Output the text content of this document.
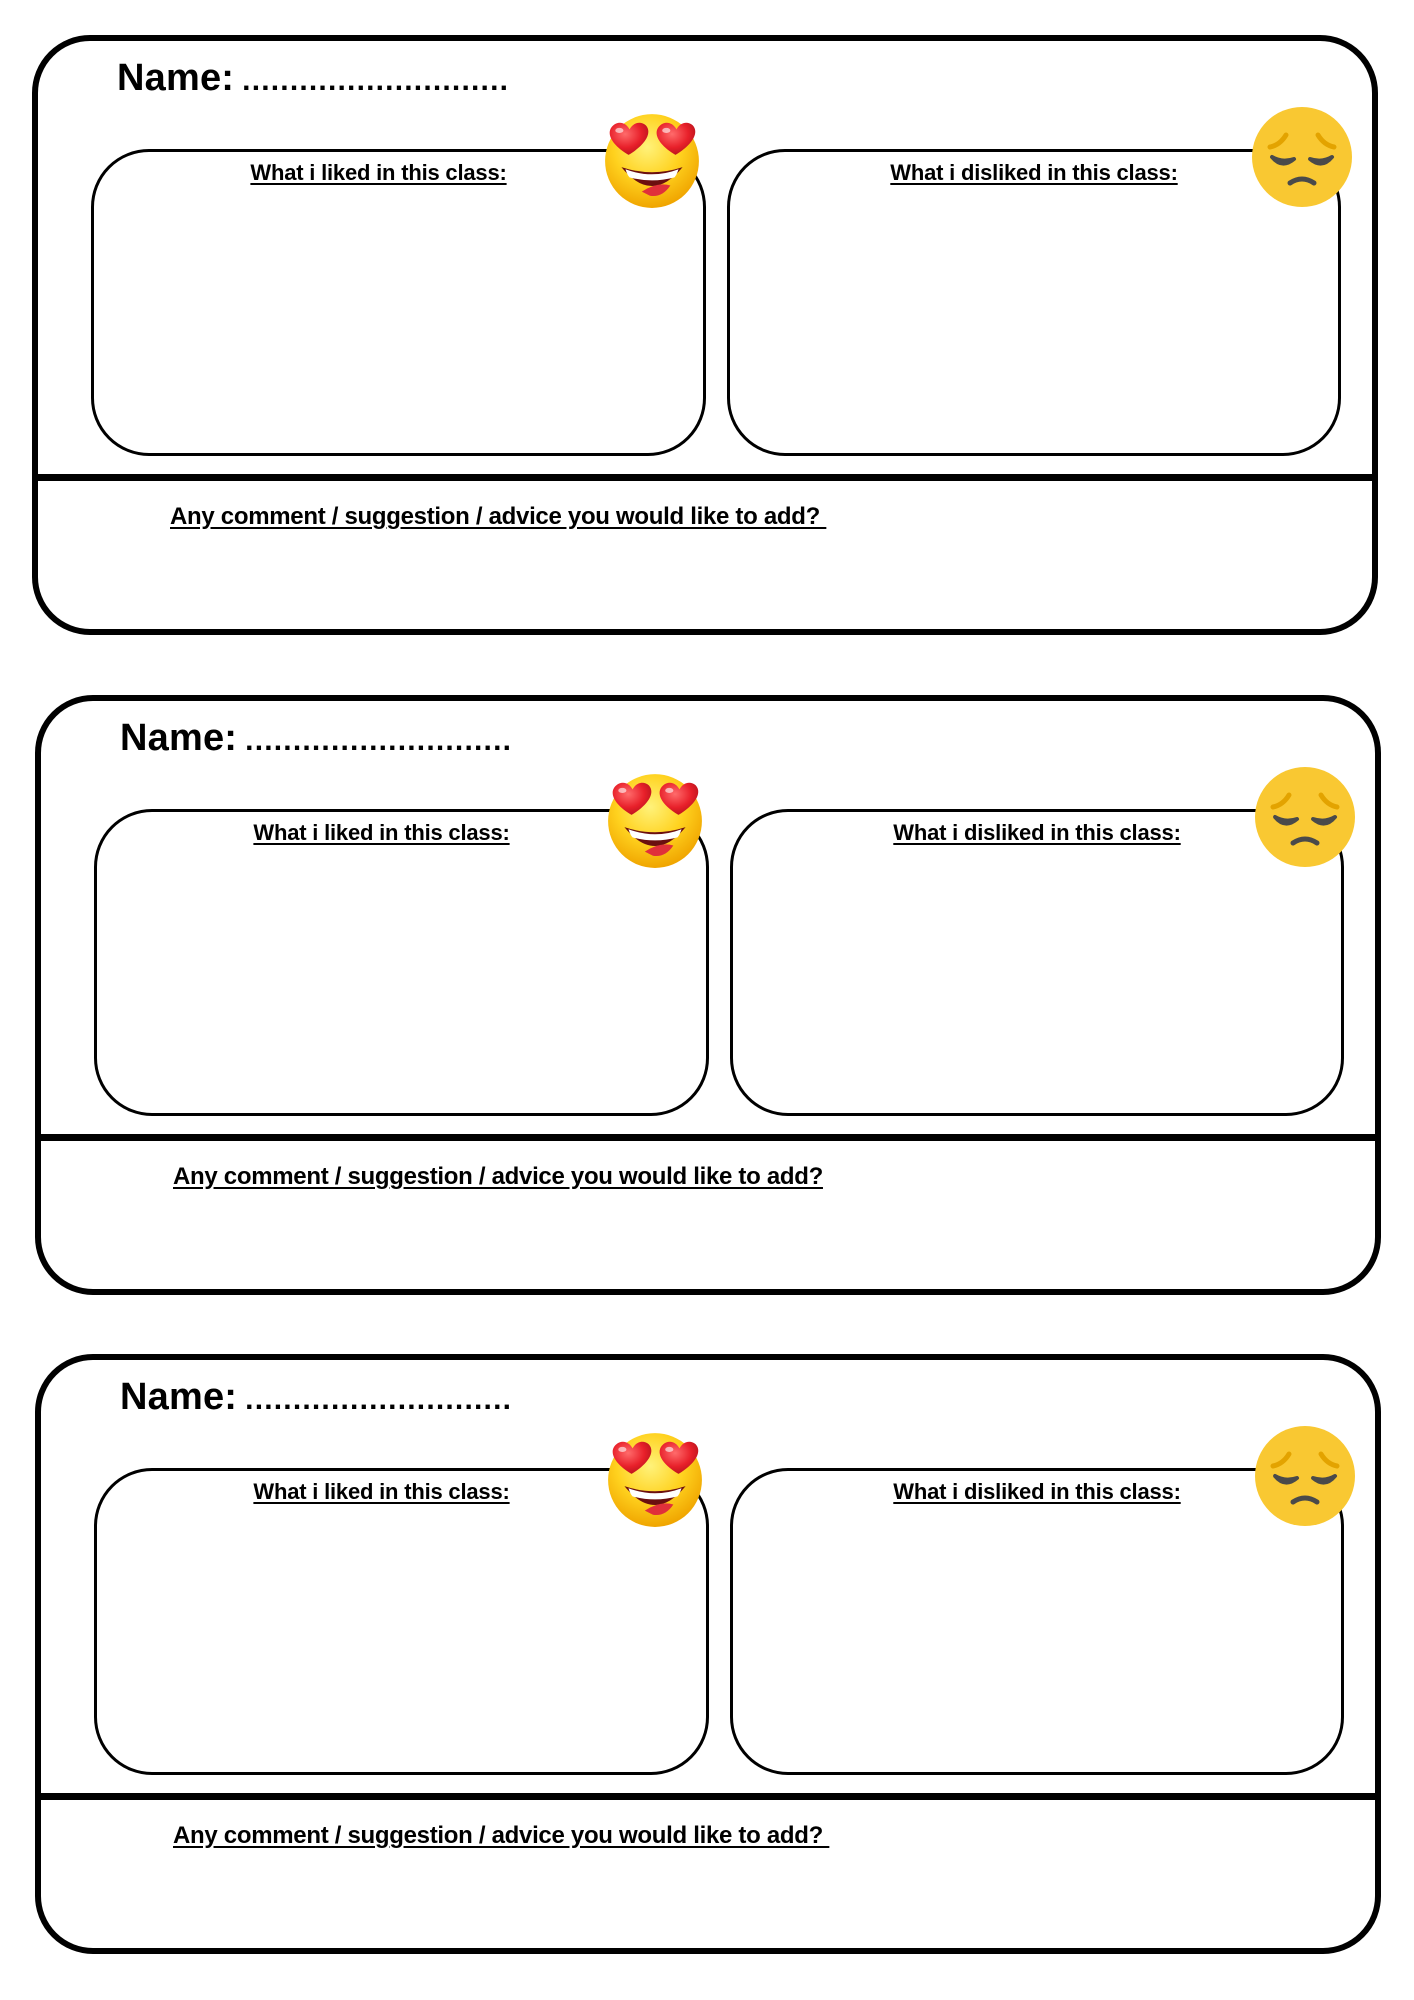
Name: ............................
What i liked in this class:	What i disliked in this class:
Any comment / suggestion / advice you would like to add?
Name: ............................
What i liked in this class:	What i disliked in this class:
Any comment / suggestion / advice you would like to add?
Name: ............................
What i liked in this class:	What i disliked in this class:
Any comment / suggestion / advice you would like to add?
